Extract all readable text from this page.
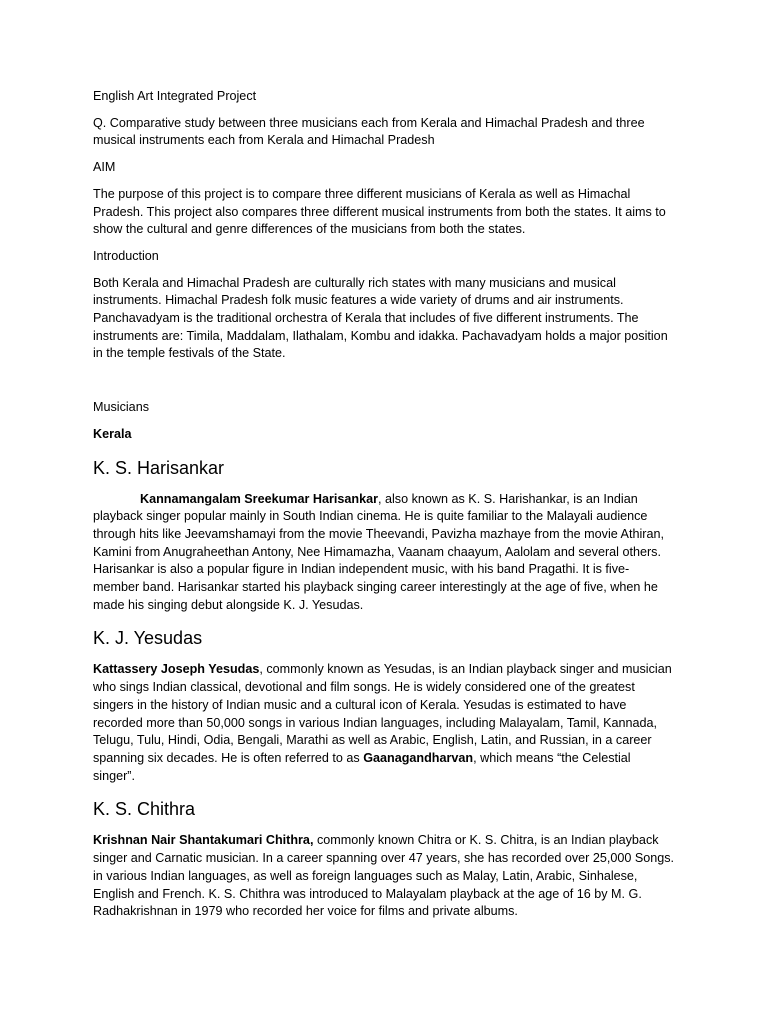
English Art Integrated Project

Q. Comparative study between three musicians each from Kerala and Himachal Pradesh and three musical instruments each from Kerala and Himachal Pradesh

AIM

The purpose of this project is to compare three different musicians of Kerala as well as Himachal Pradesh. This project also compares three different musical instruments from both the states. It aims to show the cultural and genre differences of the musicians from both the states.

Introduction

Both Kerala and Himachal Pradesh are culturally rich states with many musicians and musical instruments. Himachal Pradesh folk music features a wide variety of drums and air instruments. Panchavadyam is the traditional orchestra of Kerala that includes of five different instruments. The instruments are: Timila, Maddalam, Ilathalam, Kombu and idakka. Pachavadyam holds a major position in the temple festivals of the State.

Musicians

Kerala

K. S. Harisankar

Kannamangalam Sreekumar Harisankar, also known as K. S. Harishankar, is an Indian playback singer popular mainly in South Indian cinema. He is quite familiar to the Malayali audience through hits like Jeevamshamayi from the movie Theevandi, Pavizha mazhaye from the movie Athiran, Kamini from Anugraheethan Antony, Nee Himamazha, Vaanam chaayum, Aalolam and several others. Harisankar is also a popular figure in Indian independent music, with his band Pragathi. It is five-member band. Harisankar started his playback singing career interestingly at the age of five, when he made his singing debut alongside K. J. Yesudas.

K. J. Yesudas

Kattassery Joseph Yesudas, commonly known as Yesudas, is an Indian playback singer and musician who sings Indian classical, devotional and film songs. He is widely considered one of the greatest singers in the history of Indian music and a cultural icon of Kerala. Yesudas is estimated to have recorded more than 50,000 songs in various Indian languages, including Malayalam, Tamil, Kannada, Telugu, Tulu, Hindi, Odia, Bengali, Marathi as well as Arabic, English, Latin, and Russian, in a career spanning six decades. He is often referred to as Gaanagandharvan, which means “the Celestial singer”.

K. S. Chithra

Krishnan Nair Shantakumari Chithra, commonly known Chitra or K. S. Chitra, is an Indian playback singer and Carnatic musician. In a career spanning over 47 years, she has recorded over 25,000 Songs. in various Indian languages, as well as foreign languages such as Malay, Latin, Arabic, Sinhalese, English and French. K. S. Chithra was introduced to Malayalam playback at the age of 16 by M. G. Radhakrishnan in 1979 who recorded her voice for films and private albums.
